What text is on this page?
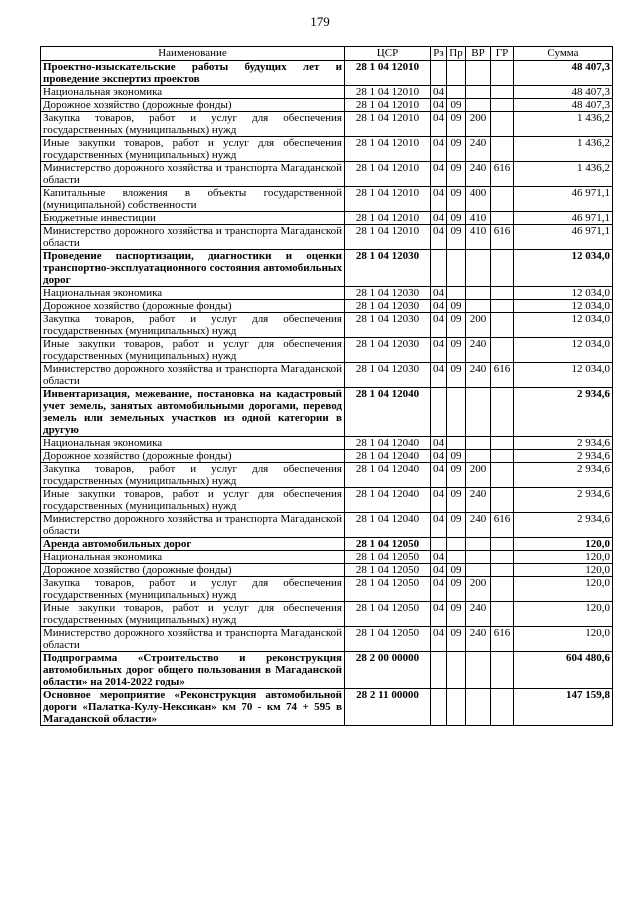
179
Наименование	ЦСР	Рз	Пр	ВР	ГР	Сумма
Проектно-изыскательские работы будущих лет и проведение экспертиз проектов	28 1 04 12010					48 407,3
Национальная экономика	28 1 04 12010	04				48 407,3
Дорожное хозяйство (дорожные фонды)	28 1 04 12010	04	09			48 407,3
Закупка товаров, работ и услуг для обеспечения государственных (муниципальных) нужд	28 1 04 12010	04	09	200		1 436,2
Иные закупки товаров, работ и услуг для обеспечения государственных (муниципальных) нужд	28 1 04 12010	04	09	240		1 436,2
Министерство дорожного хозяйства и транспорта Магаданской области	28 1 04 12010	04	09	240	616	1 436,2
Капитальные вложения в объекты государственной (муниципальной) собственности	28 1 04 12010	04	09	400		46 971,1
Бюджетные инвестиции	28 1 04 12010	04	09	410		46 971,1
Министерство дорожного хозяйства и транспорта Магаданской области	28 1 04 12010	04	09	410	616	46 971,1
Проведение паспортизации, диагностики и оценки транспортно-эксплуатационного состояния автомобильных дорог	28 1 04 12030					12 034,0
Национальная экономика	28 1 04 12030	04				12 034,0
Дорожное хозяйство (дорожные фонды)	28 1 04 12030	04	09			12 034,0
Закупка товаров, работ и услуг для обеспечения государственных (муниципальных) нужд	28 1 04 12030	04	09	200		12 034,0
Иные закупки товаров, работ и услуг для обеспечения государственных (муниципальных) нужд	28 1 04 12030	04	09	240		12 034,0
Министерство дорожного хозяйства и транспорта Магаданской области	28 1 04 12030	04	09	240	616	12 034,0
Инвентаризация, межевание, постановка на кадастровый учет земель, занятых автомобильными дорогами, перевод земель или земельных участков из одной категории в другую	28 1 04 12040					2 934,6
Национальная экономика	28 1 04 12040	04				2 934,6
Дорожное хозяйство (дорожные фонды)	28 1 04 12040	04	09			2 934,6
Закупка товаров, работ и услуг для обеспечения государственных (муниципальных) нужд	28 1 04 12040	04	09	200		2 934,6
Иные закупки товаров, работ и услуг для обеспечения государственных (муниципальных) нужд	28 1 04 12040	04	09	240		2 934,6
Министерство дорожного хозяйства и транспорта Магаданской области	28 1 04 12040	04	09	240	616	2 934,6
Аренда автомобильных дорог	28 1 04 12050					120,0
Национальная экономика	28 1 04 12050	04				120,0
Дорожное хозяйство (дорожные фонды)	28 1 04 12050	04	09			120,0
Закупка товаров, работ и услуг для обеспечения государственных (муниципальных) нужд	28 1 04 12050	04	09	200		120,0
Иные закупки товаров, работ и услуг для обеспечения государственных (муниципальных) нужд	28 1 04 12050	04	09	240		120,0
Министерство дорожного хозяйства и транспорта Магаданской области	28 1 04 12050	04	09	240	616	120,0
Подпрограмма «Строительство и реконструкция автомобильных дорог общего пользования в Магаданской области» на 2014-2022 годы»	28 2 00 00000					604 480,6
Основное мероприятие «Реконструкция автомобильной дороги «Палатка-Кулу-Нексикан» км 70 - км 74 + 595 в Магаданской области»	28 2 11 00000					147 159,8
